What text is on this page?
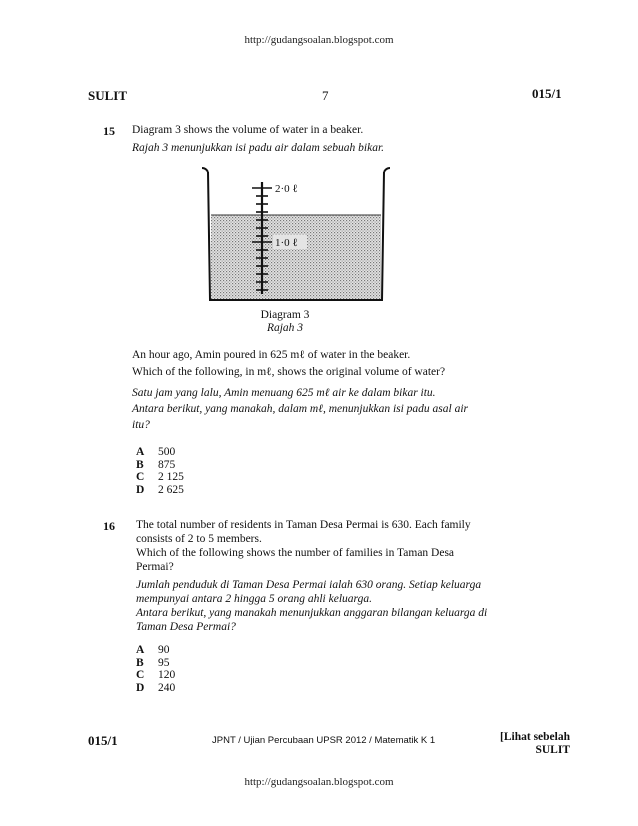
http://gudangsoalan.blogspot.com
SULIT	7	015/1
15 Diagram 3 shows the volume of water in a beaker.
Rajah 3 menunjukkan isi padu air dalam sebuah bikar.
2·0 ℓ
1·0 ℓ
Diagram 3
Rajah 3
An hour ago, Amin poured in 625 mℓ of water in the beaker.
Which of the following, in mℓ, shows the original volume of water?
Satu jam yang lalu, Amin menuang 625 mℓ air ke dalam bikar itu.
Antara berikut, yang manakah, dalam mℓ, menunjukkan isi padu asal air
itu?
A 500
B 875
C 2 125
D 2 625
16 The total number of residents in Taman Desa Permai is 630. Each family
consists of 2 to 5 members.
Which of the following shows the number of families in Taman Desa
Permai?
Jumlah penduduk di Taman Desa Permai ialah 630 orang. Setiap keluarga
mempunyai antara 2 hingga 5 orang ahli keluarga.
Antara berikut, yang manakah menunjukkan anggaran bilangan keluarga di
Taman Desa Permai?
A 90
B 95
C 120
D 240
015/1	JPNT / Ujian Percubaan UPSR 2012 / Matematik K 1	[Lihat sebelah
SULIT
http://gudangsoalan.blogspot.com
